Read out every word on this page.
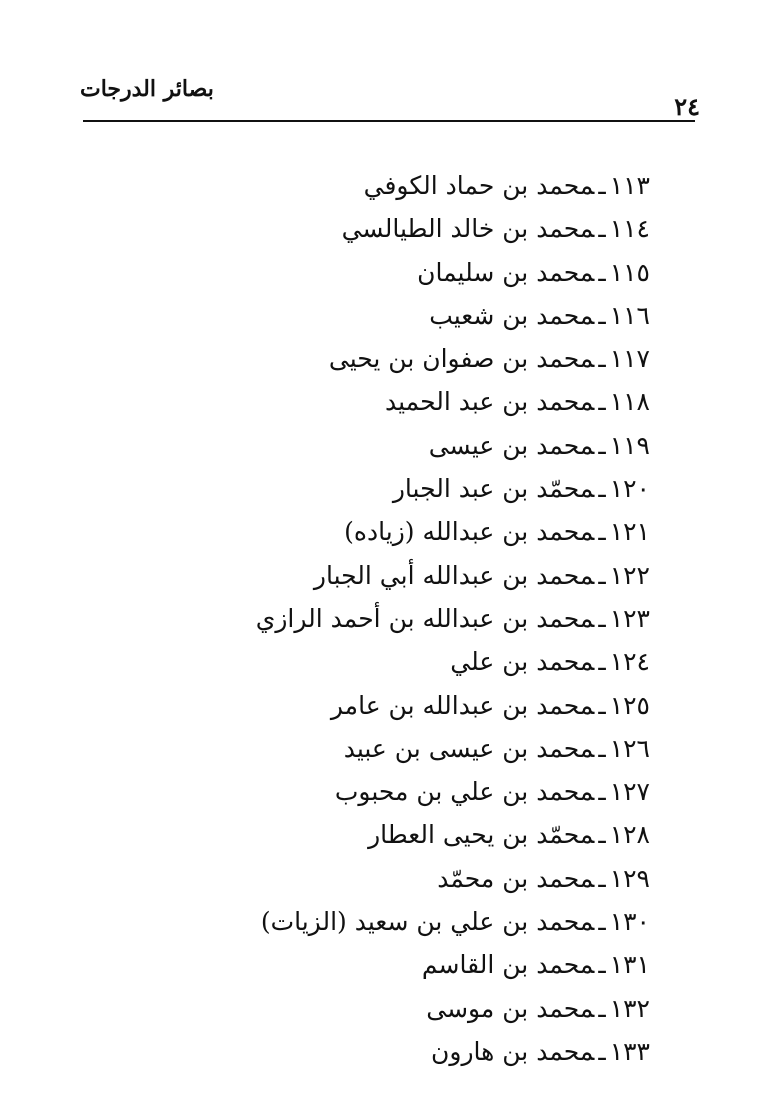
بصائر الدرجات
٢٤
١١٣ـمحمد بن حماد الكوفي
١١٤ـمحمد بن خالد الطيالسي
١١٥ـمحمد بن سليمان
١١٦ـمحمد بن شعيب
١١٧ـمحمد بن صفوان بن يحيى
١١٨ـمحمد بن عبد الحميد
١١٩ـمحمد بن عيسى
١٢٠ـمحمّد بن عبد الجبار
١٢١ـمحمد بن عبدالله (زياده)
١٢٢ـمحمد بن عبدالله أبي الجبار
١٢٣ـمحمد بن عبدالله بن أحمد الرازي
١٢٤ـمحمد بن علي
١٢٥ـمحمد بن عبدالله بن عامر
١٢٦ـمحمد بن عيسى بن عبيد
١٢٧ـمحمد بن علي بن محبوب
١٢٨ـمحمّد بن يحيى العطار
١٢٩ـمحمد بن محمّد
١٣٠ـمحمد بن علي بن سعيد (الزيات)
١٣١ـمحمد بن القاسم
١٣٢ـمحمد بن موسى
١٣٣ـمحمد بن هارون
